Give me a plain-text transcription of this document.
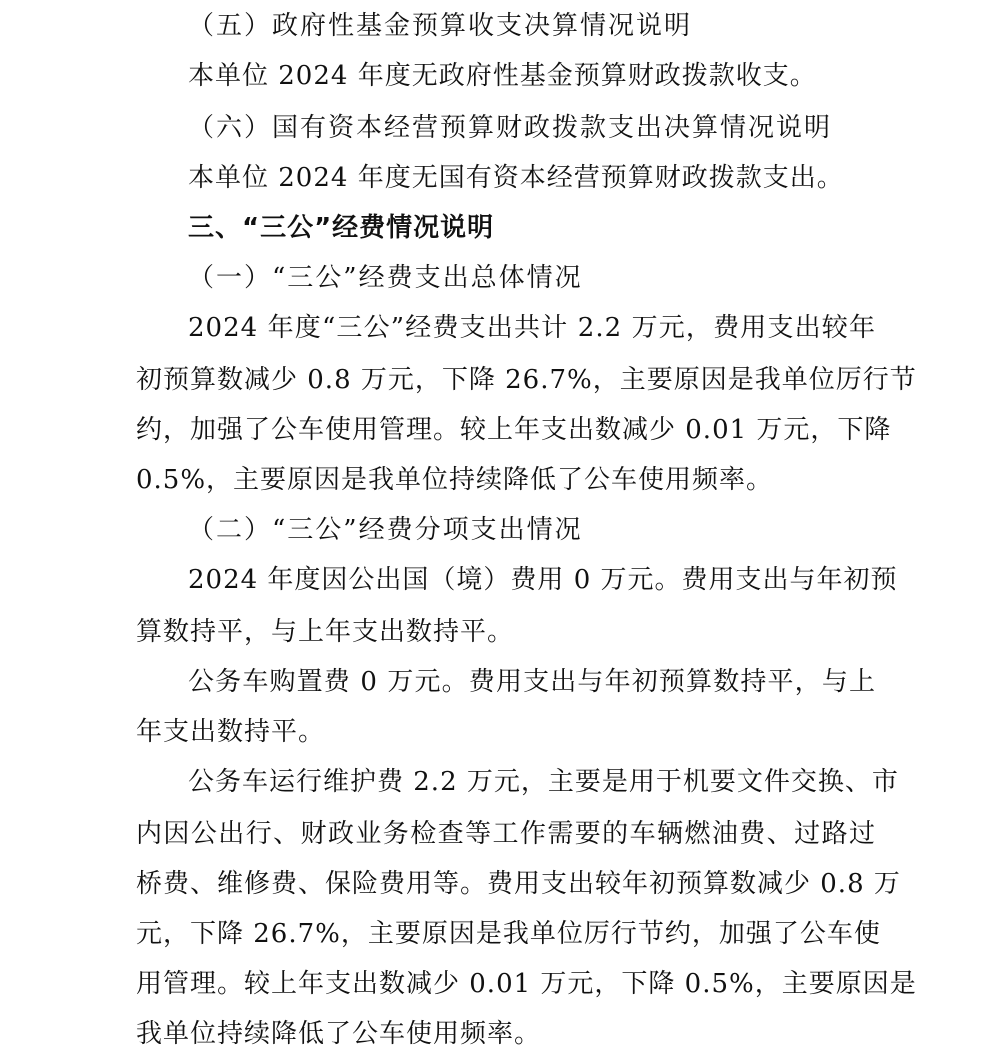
（五）政府性基金预算收支决算情况说明
本单位 2024 年度无政府性基金预算财政拨款收支。
（六）国有资本经营预算财政拨款支出决算情况说明
本单位 2024 年度无国有资本经营预算财政拨款支出。
三、“三公”经费情况说明
（一）“三公”经费支出总体情况
2024 年度“三公”经费支出共计 2.2 万元，费用支出较年
初预算数减少 0.8 万元，下降 26.7%，主要原因是我单位厉行节
约，加强了公车使用管理。较上年支出数减少 0.01 万元，下降
0.5%，主要原因是我单位持续降低了公车使用频率。
（二）“三公”经费分项支出情况
2024 年度因公出国（境）费用 0 万元。费用支出与年初预
算数持平，与上年支出数持平。
公务车购置费 0 万元。费用支出与年初预算数持平，与上
年支出数持平。
公务车运行维护费 2.2 万元，主要是用于机要文件交换、市
内因公出行、财政业务检查等工作需要的车辆燃油费、过路过
桥费、维修费、保险费用等。费用支出较年初预算数减少 0.8 万
元，下降 26.7%，主要原因是我单位厉行节约，加强了公车使
用管理。较上年支出数减少 0.01 万元，下降 0.5%，主要原因是
我单位持续降低了公车使用频率。
